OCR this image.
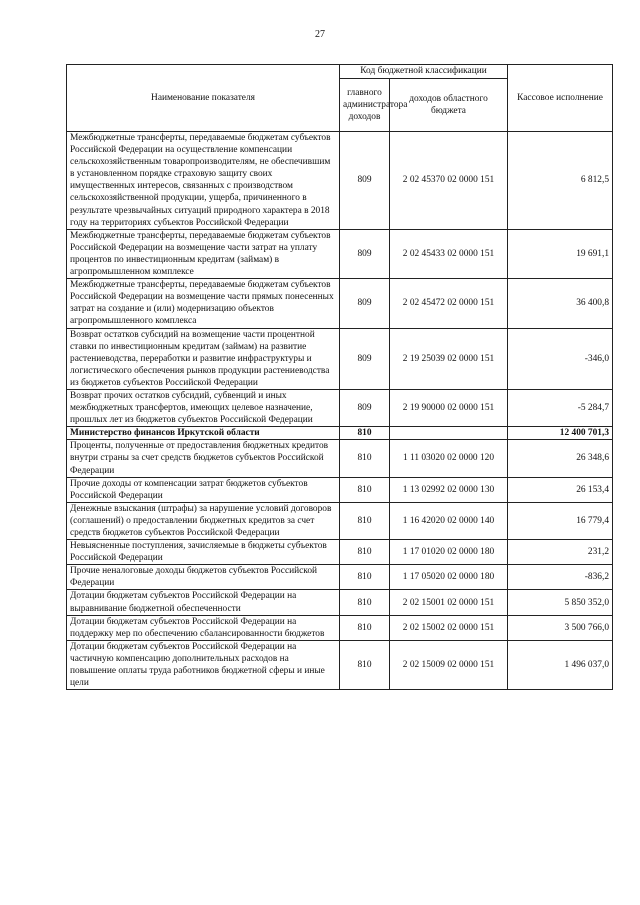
27
Наименование показателя	Код бюджетной классификации		Кассовое исполнение
	главного администратора доходов	доходов областного бюджета	
Межбюджетные трансферты, передаваемые бюджетам субъектов Российской Федерации на осуществление компенсации сельскохозяйственным товаропроизводителям, не обеспечившим в установленном порядке страховую защиту своих имущественных интересов, связанных с производством сельскохозяйственной продукции, ущерба, причиненного в результате чрезвычайных ситуаций природного характера в 2018 году на территориях субъектов Российской Федерации	809	2 02 45370 02 0000 151	6 812,5
Межбюджетные трансферты, передаваемые бюджетам субъектов Российской Федерации на возмещение части затрат на уплату процентов по инвестиционным кредитам (займам) в агропромышленном комплексе	809	2 02 45433 02 0000 151	19 691,1
Межбюджетные трансферты, передаваемые бюджетам субъектов Российской Федерации на возмещение части прямых понесенных затрат на создание и (или) модернизацию объектов агропромышленного комплекса	809	2 02 45472 02 0000 151	36 400,8
Возврат остатков субсидий на возмещение части процентной ставки по инвестиционным кредитам (займам) на развитие растениеводства, переработки и развитие инфраструктуры и логистического обеспечения рынков продукции растениеводства из бюджетов субъектов Российской Федерации	809	2 19 25039 02 0000 151	-346,0
Возврат прочих остатков субсидий, субвенций и иных межбюджетных трансфертов, имеющих целевое назначение, прошлых лет из бюджетов субъектов Российской Федерации	809	2 19 90000 02 0000 151	-5 284,7
Министерство финансов Иркутской области	810		12 400 701,3
Проценты, полученные от предоставления бюджетных кредитов внутри страны за счет средств бюджетов субъектов Российской Федерации	810	1 11 03020 02 0000 120	26 348,6
Прочие доходы от компенсации затрат бюджетов субъектов Российской Федерации	810	1 13 02992 02 0000 130	26 153,4
Денежные взыскания (штрафы) за нарушение условий договоров (соглашений) о предоставлении бюджетных кредитов за счет средств бюджетов субъектов Российской Федерации	810	1 16 42020 02 0000 140	16 779,4
Невыясненные поступления, зачисляемые в бюджеты субъектов Российской Федерации	810	1 17 01020 02 0000 180	231,2
Прочие неналоговые доходы бюджетов субъектов Российской Федерации	810	1 17 05020 02 0000 180	-836,2
Дотации бюджетам субъектов Российской Федерации на выравнивание бюджетной обеспеченности	810	2 02 15001 02 0000 151	5 850 352,0
Дотации бюджетам субъектов Российской Федерации на поддержку мер по обеспечению сбалансированности бюджетов	810	2 02 15002 02 0000 151	3 500 766,0
Дотации бюджетам субъектов Российской Федерации на частичную компенсацию дополнительных расходов на повышение оплаты труда работников бюджетной сферы и иные цели	810	2 02 15009 02 0000 151	1 496 037,0
